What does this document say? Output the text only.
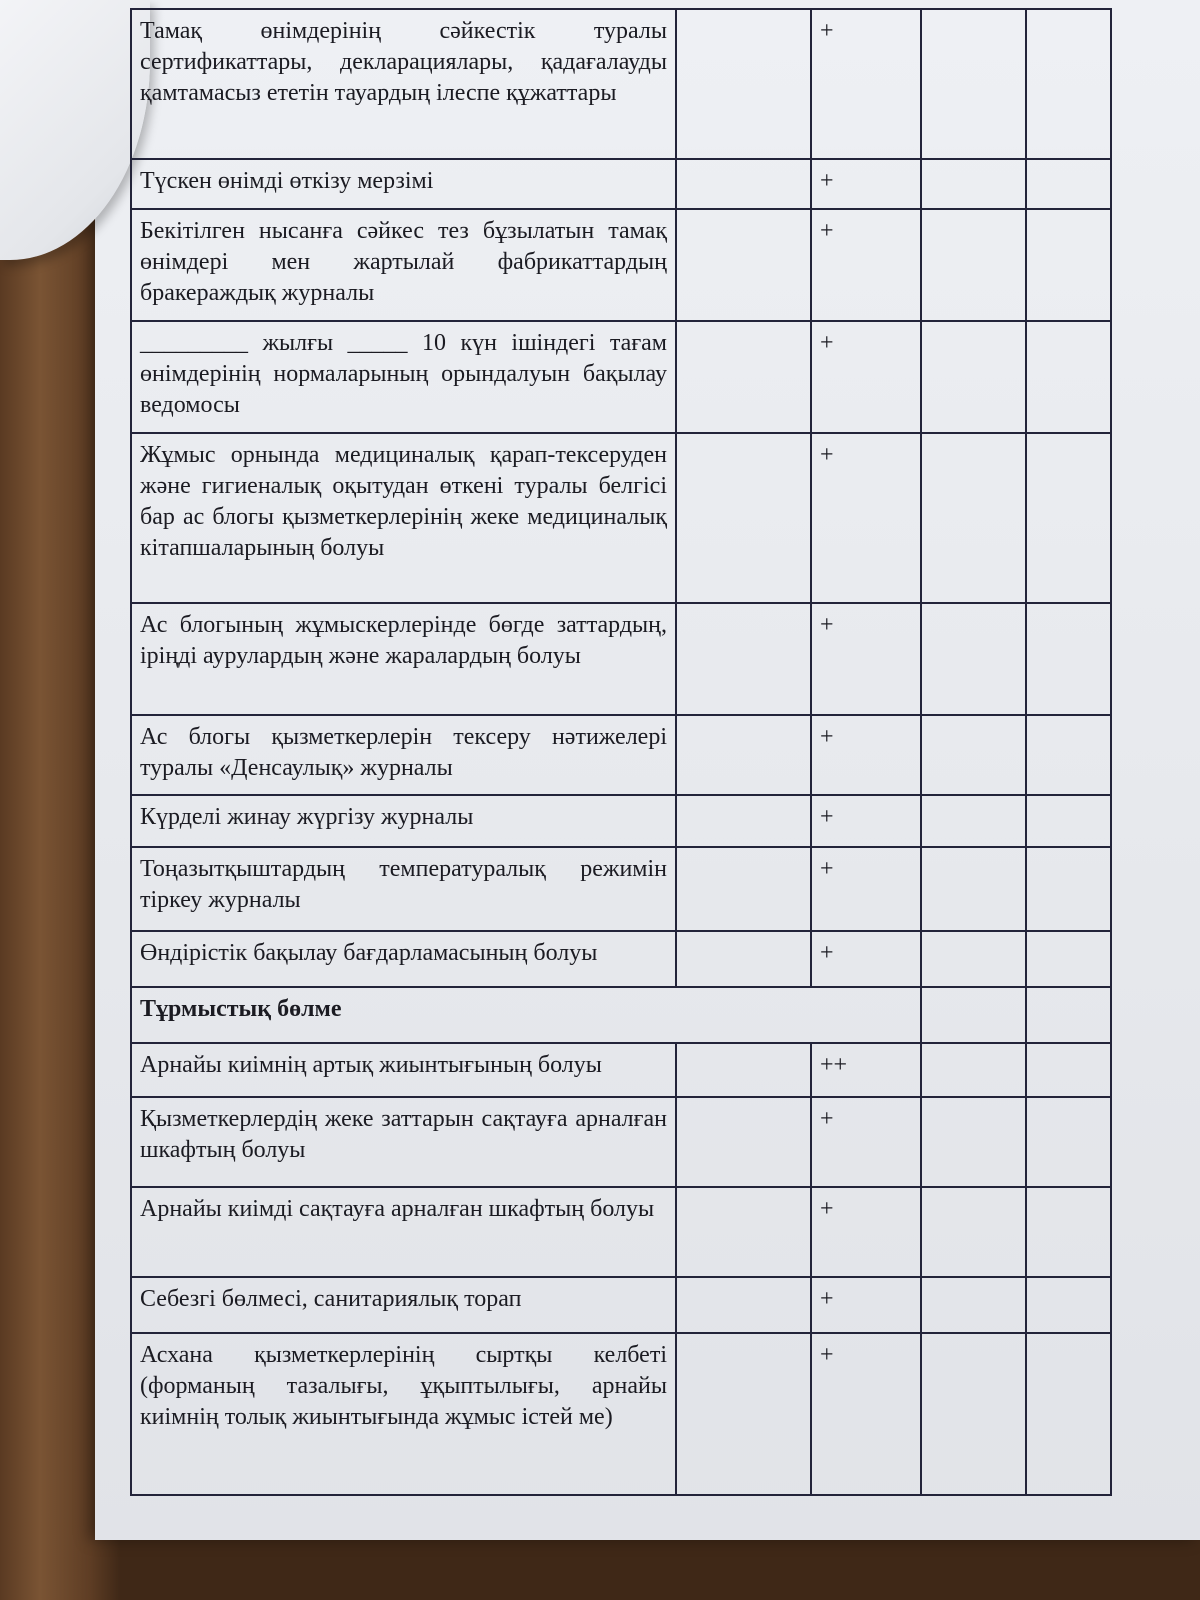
Тамақ өнімдерінің сәйкестік туралы сертификаттары, декларациялары, қадағалауды қамтамасыз ететін тауардың ілеспе құжаттары		+		
Түскен өнімді өткізу мерзімі		+		
Бекітілген нысанға сәйкес тез бұзылатын тамақ өнімдері мен жартылай фабрикаттардың бракераждық журналы		+		
_________ жылғы _____ 10 күн ішіндегі тағам өнімдерінің нормаларының орындалуын бақылау ведомосы		+		
Жұмыс орнында медициналық қарап-тексеруден және гигиеналық оқытудан өткені туралы белгісі бар ас блогы қызметкерлерінің жеке медициналық кітапшаларының болуы		+		
Ас блогының жұмыскерлерінде бөгде заттардың, іріңді аурулардың және жаралардың болуы		+		
Ас блогы қызметкерлерін тексеру нәтижелері туралы «Денсаулық» журналы		+		
Күрделі жинау жүргізу журналы		+		
Тоңазытқыштардың температуралық режимін тіркеу журналы		+		
Өндірістік бақылау бағдарламасының болуы		+		
Тұрмыстық бөлме				
Арнайы киімнің артық жиынтығының болуы		++		
Қызметкерлердің жеке заттарын сақтауға арналған шкафтың болуы		+		
Арнайы киімді сақтауға арналған шкафтың болуы		+		
Себезгі бөлмесі, санитариялық торап		+		
Асхана қызметкерлерінің сыртқы келбеті (форманың тазалығы, ұқыптылығы, арнайы киімнің толық жиынтығында жұмыс істей ме)		+		
